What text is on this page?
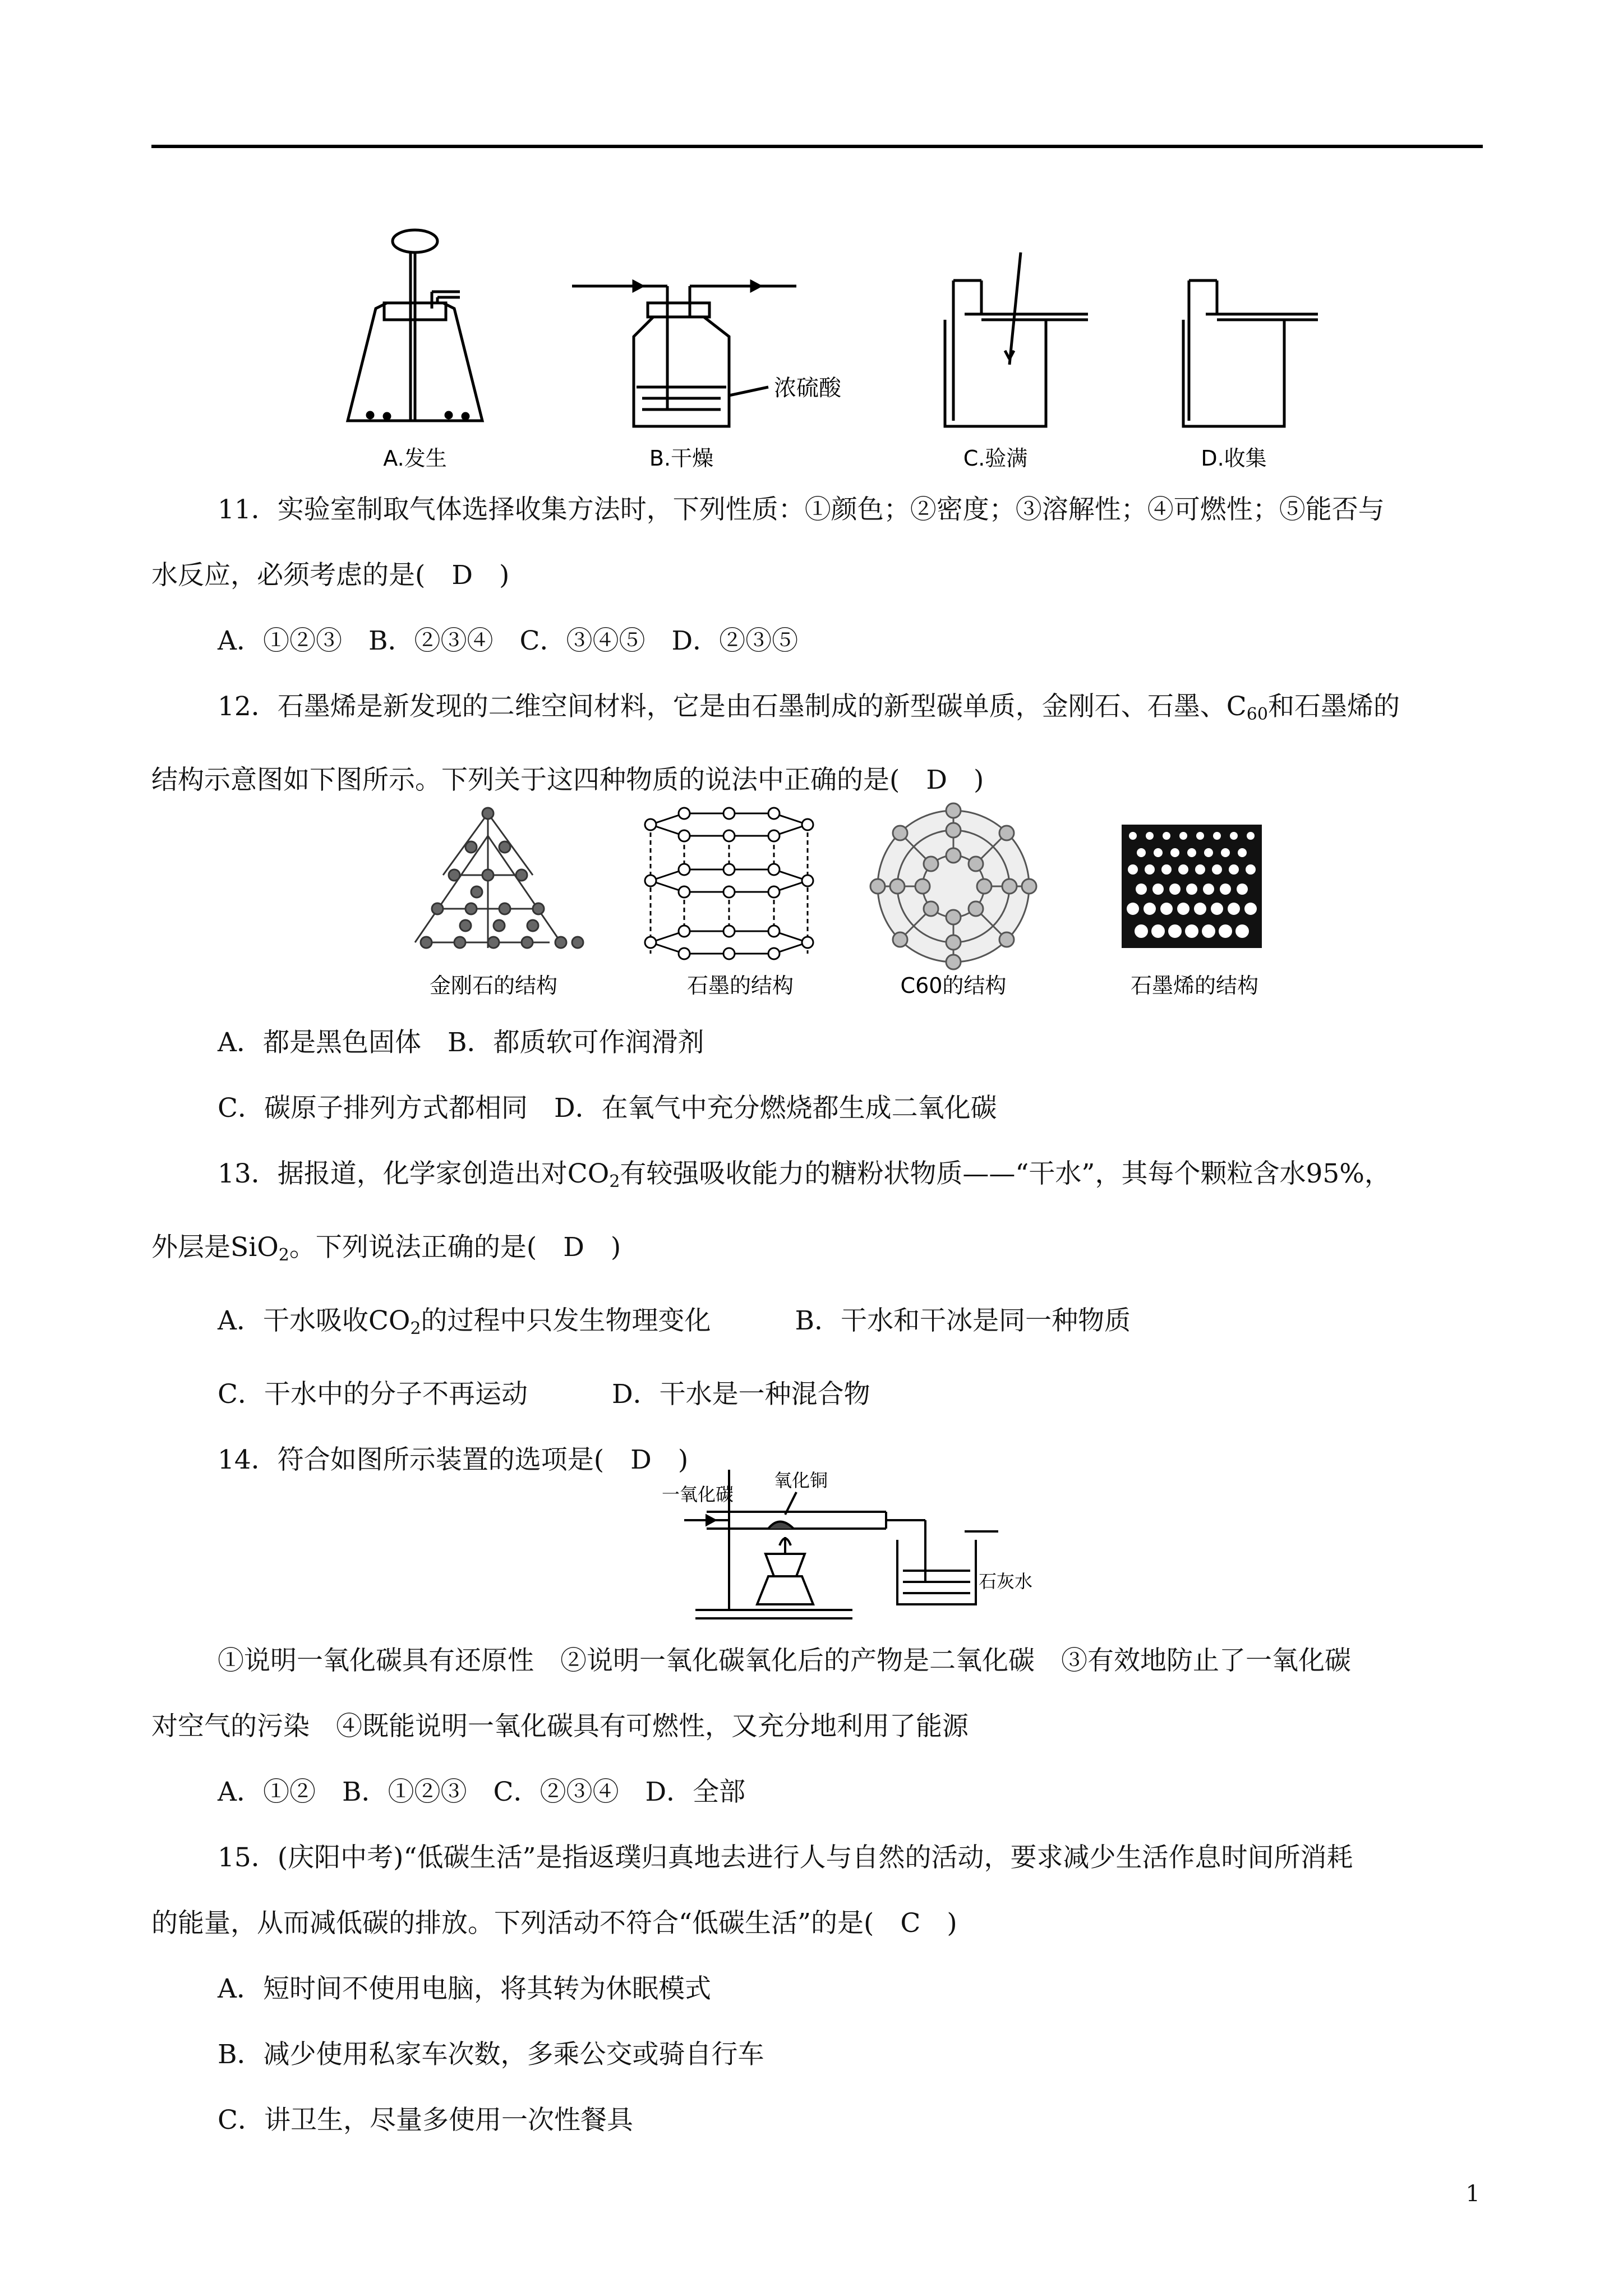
浓硫酸
A.发生	B.干燥	C.验满	D.收集

11．实验室制取气体选择收集方法时，下列性质：①颜色；②密度；③溶解性；④可燃性；⑤能否与

水反应，必须考虑的是(　D　)

A．①②③　B．②③④　C．③④⑤　D．②③⑤

12．石墨烯是新发现的二维空间材料，它是由石墨制成的新型碳单质，金刚石、石墨、$C_{60}$和石墨烯的

结构示意图如下图所示。下列关于这四种物质的说法中正确的是(　D　)

金刚石的结构	石墨的结构	C60的结构	石墨烯的结构

A．都是黑色固体　B．都质软可作润滑剂

C．碳原子排列方式都相同　D．在氧气中充分燃烧都生成二氧化碳

13．据报道，化学家创造出对$CO_2$有较强吸收能力的糖粉状物质——“干水”，其每个颗粒含水95%，

外层是SiO$_2$。下列说法正确的是(　D　)

A．干水吸收$CO_2$的过程中只发生物理变化	B．干水和干冰是同一种物质

C．干水中的分子不再运动	D．干水是一种混合物

14．符合如图所示装置的选项是(　D　)

一氧化碳
氧化铜
石灰水

①说明一氧化碳具有还原性　②说明一氧化碳氧化后的产物是二氧化碳　③有效地防止了一氧化碳

对空气的污染　④既能说明一氧化碳具有可燃性，又充分地利用了能源

A．①②　B．①②③　C．②③④　D．全部

15．(庆阳中考)“低碳生活”是指返璞归真地去进行人与自然的活动，要求减少生活作息时间所消耗

的能量，从而减低碳的排放。下列活动不符合“低碳生活”的是(　C　)

A．短时间不使用电脑，将其转为休眠模式

B．减少使用私家车次数，多乘公交或骑自行车

C．讲卫生，尽量多使用一次性餐具

1
